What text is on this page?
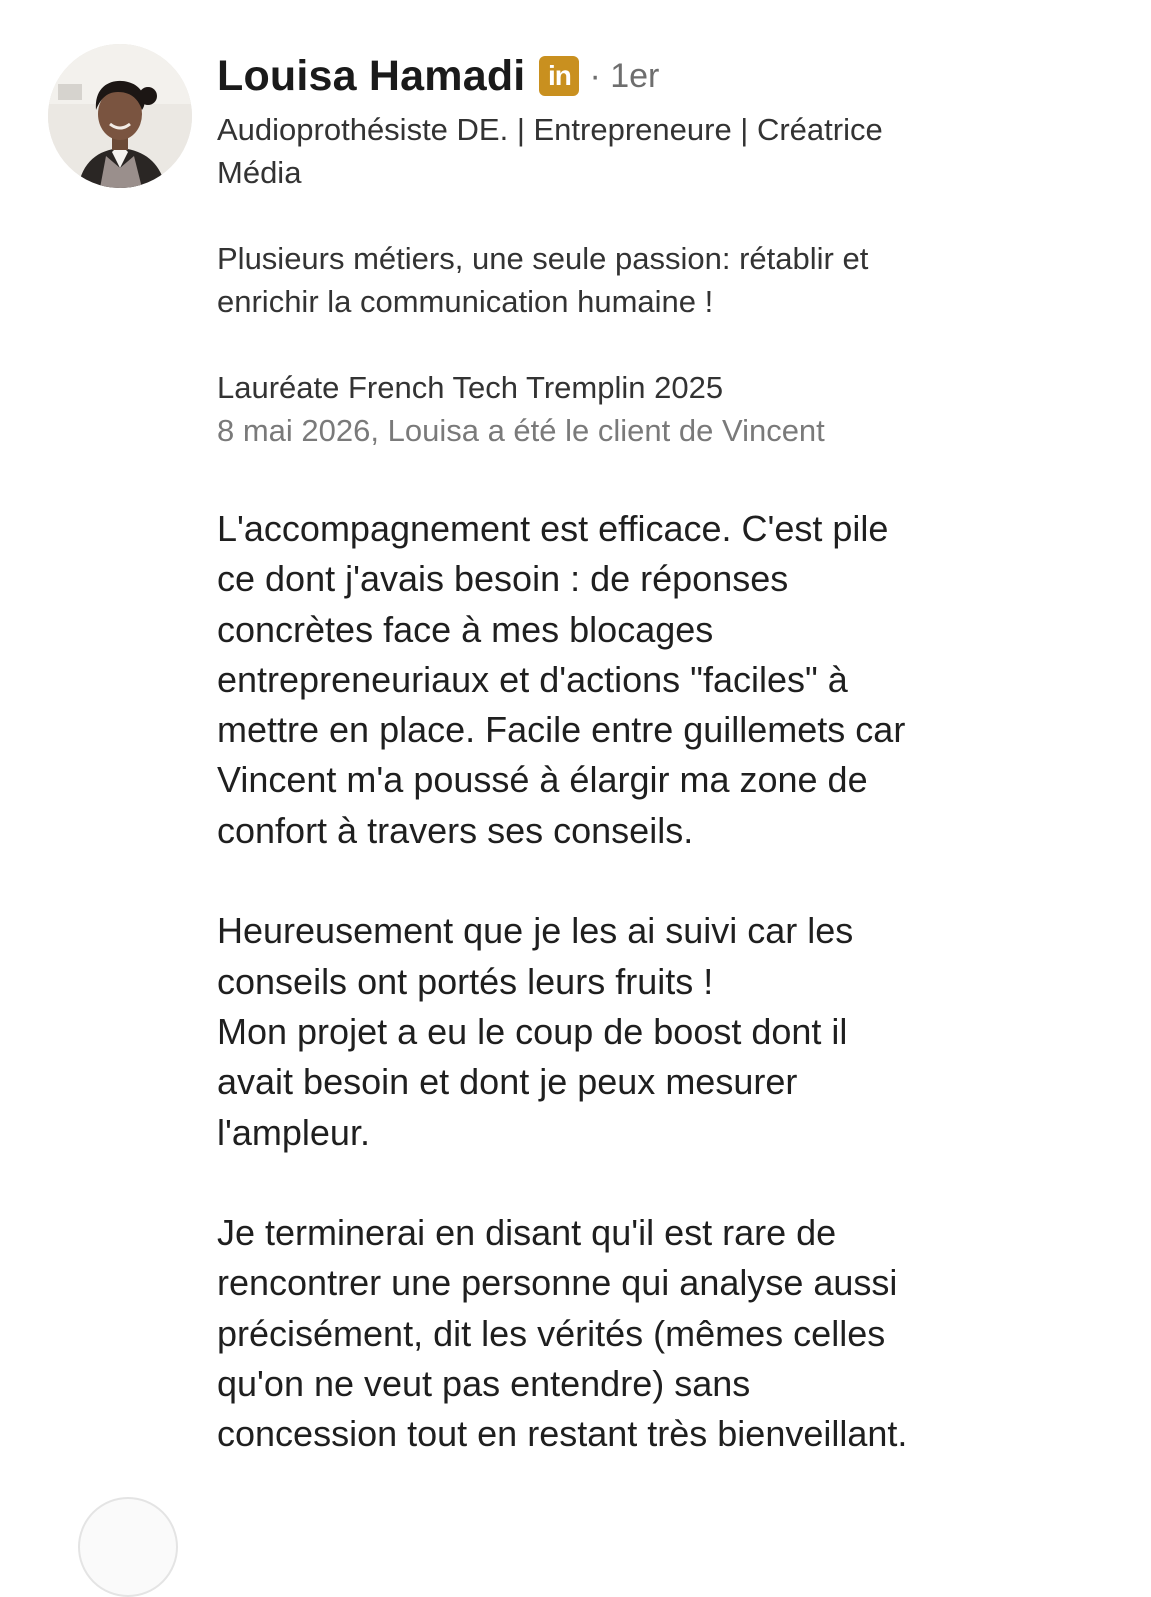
Louisa Hamadi in · 1er
Audioprothésiste DE. | Entrepreneure | Créatrice
Média

Plusieurs métiers, une seule passion: rétablir et
enrichir la communication humaine !

Lauréate French Tech Tremplin 2025
8 mai 2026, Louisa a été le client de Vincent
L'accompagnement est efficace. C'est pile
ce dont j'avais besoin : de réponses
concrètes face à mes blocages
entrepreneuriaux et d'actions "faciles" à
mettre en place. Facile entre guillemets car
Vincent m'a poussé à élargir ma zone de
confort à travers ses conseils.

Heureusement que je les ai suivi car les
conseils ont portés leurs fruits !
Mon projet a eu le coup de boost dont il
avait besoin et dont je peux mesurer
l'ampleur.

Je terminerai en disant qu'il est rare de
rencontrer une personne qui analyse aussi
précisément, dit les vérités (mêmes celles
qu'on ne veut pas entendre) sans
concession tout en restant très bienveillant.
